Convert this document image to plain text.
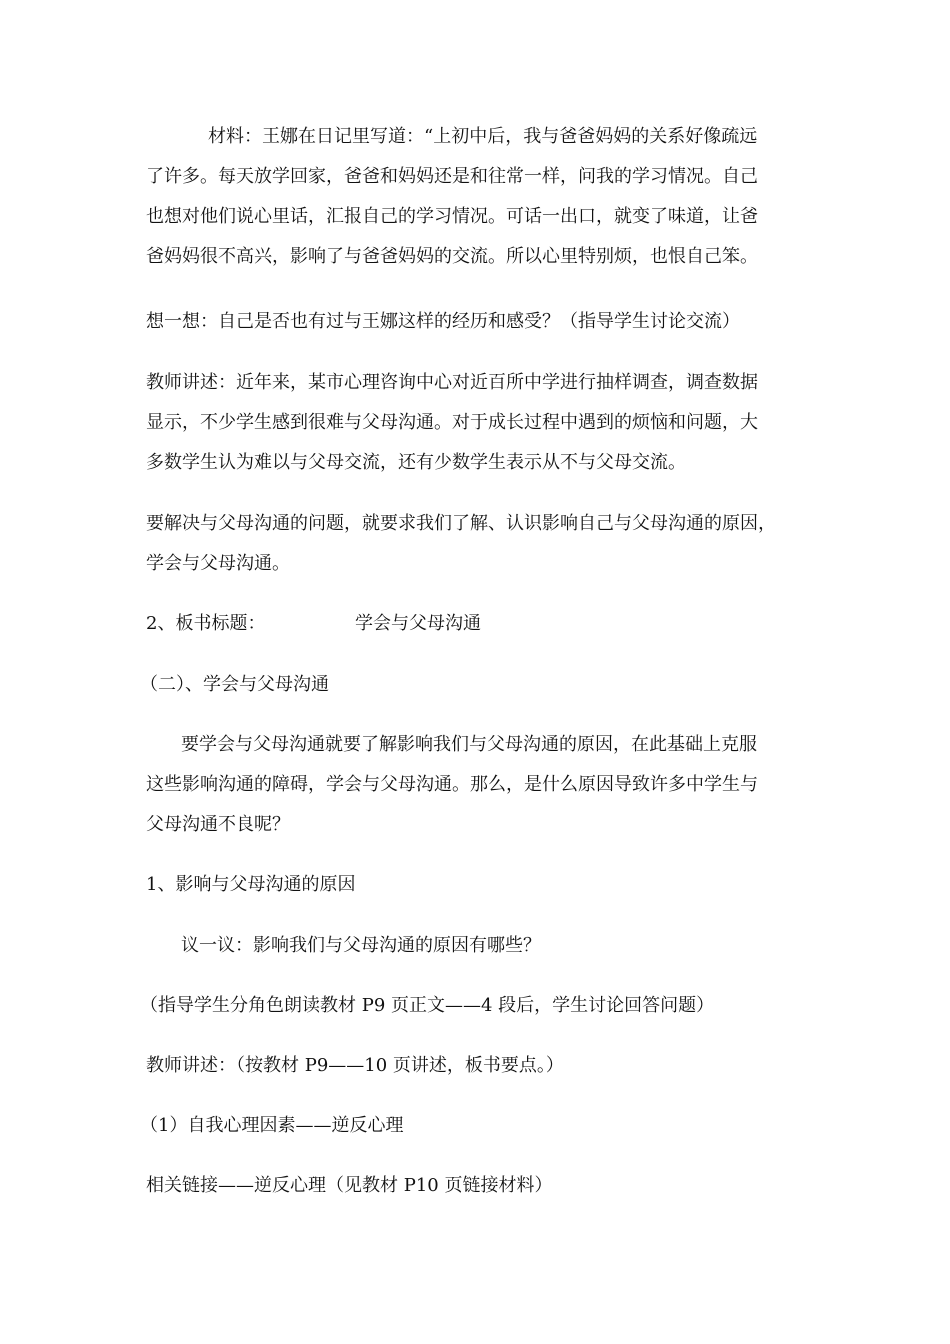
材料：王娜在日记里写道：“上初中后，我与爸爸妈妈的关系好像疏远
了许多。每天放学回家，爸爸和妈妈还是和往常一样，问我的学习情况。自己
也想对他们说心里话，汇报自己的学习情况。可话一出口，就变了味道，让爸
爸妈妈很不高兴，影响了与爸爸妈妈的交流。所以心里特别烦，也恨自己笨。
想一想：自己是否也有过与王娜这样的经历和感受？（指导学生讨论交流）
教师讲述：近年来，某市心理咨询中心对近百所中学进行抽样调查，调查数据
显示，不少学生感到很难与父母沟通。对于成长过程中遇到的烦恼和问题，大
多数学生认为难以与父母交流，还有少数学生表示从不与父母交流。
要解决与父母沟通的问题，就要求我们了解、认识影响自己与父母沟通的原因，
学会与父母沟通。
2、板书标题：	学会与父母沟通
（二）、学会与父母沟通
要学会与父母沟通就要了解影响我们与父母沟通的原因，在此基础上克服
这些影响沟通的障碍，学会与父母沟通。那么，是什么原因导致许多中学生与
父母沟通不良呢？
1、影响与父母沟通的原因
议一议：影响我们与父母沟通的原因有哪些？
（指导学生分角色朗读教材 P9 页正文——4 段后，学生讨论回答问题）
教师讲述：（按教材 P9——10 页讲述，板书要点。）
（1）自我心理因素——逆反心理
相关链接——逆反心理（见教材 P10 页链接材料）
